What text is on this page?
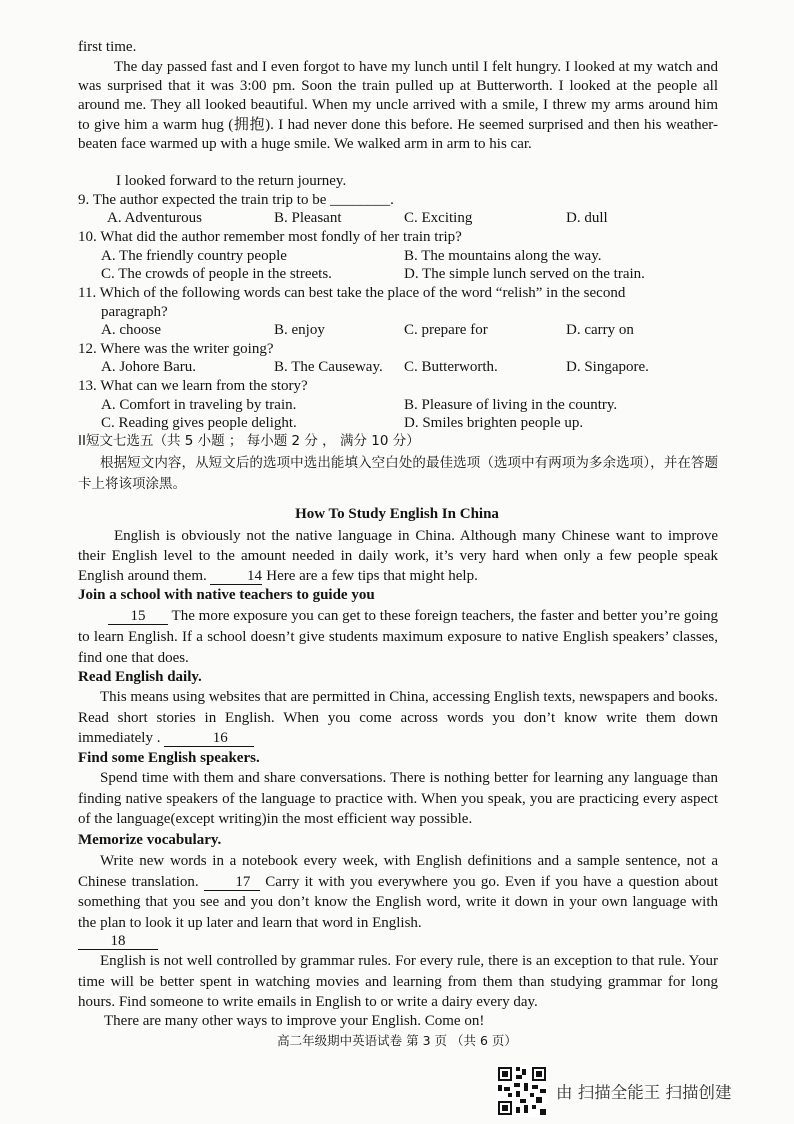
first time.

The day passed fast and I even forgot to have my lunch until I felt hungry. I looked at my watch and was surprised that it was 3:00 pm. Soon the train pulled up at Butterworth. I looked at the people all around me. They all looked beautiful. When my uncle arrived with a smile, I threw my arms around him to give him a warm hug (拥抱). I had never done this before. He seemed surprised and then his weather-beaten face warmed up with a huge smile. We walked arm in arm to his car.

I looked forward to the return journey.
9. The author expected the train trip to be ________.
A. Adventurous	B. Pleasant	C. Exciting	D. dull
10. What did the author remember most fondly of her train trip?
A. The friendly country people	B. The mountains along the way.
C. The crowds of people in the streets.	D. The simple lunch served on the train.
11. Which of the following words can best take the place of the word “relish” in the second
paragraph?
A. choose	B. enjoy	C. prepare for	D. carry on
12. Where was the writer going?
A. Johore Baru.	B. The Causeway. C. Butterworth.	D. Singapore.
13. What can we learn from the story?
A. Comfort in traveling by train.	B. Pleasure of living in the country.
C. Reading gives people delight.	D. Smiles brighten people up.
II短文七选五（共 5 小题 ； 每小题 2 分 ， 满分 10 分）

根据短文内容，从短文后的选项中选出能填入空白处的最佳选项（选项中有两项为多余选项），并在答题卡上将该项涂黑。

How To Study English In China

English is obviously not the native language in China. Although many Chinese want to improve their English level to the amount needed in daily work, it’s very hard when only a few people speak English around them.	14 Here are a few tips that might help.

Join a school with native teachers to guide you

15 The more exposure you can get to these foreign teachers, the faster and better you’re going to learn English. If a school doesn’t give students maximum exposure to native English speakers’ classes, find one that does.

Read English daily.

This means using websites that are permitted in China, accessing English texts, newspapers and books. Read short stories in English. When you come across words you don’t know write them down immediately .	16

Find some English speakers.

Spend time with them and share conversations. There is nothing better for learning any language than finding native speakers of the language to practice with. When you speak, you are practicing every aspect of the language(except writing)in the most efficient way possible.

Memorize vocabulary.

Write new words in a notebook every week, with English definitions and a sample sentence, not a Chinese translation. 17 Carry it with you everywhere you go. Even if you have a question about something that you see and you don’t know the English word, write it down in your own language with the plan to look it up later and learn that word in English.

18

English is not well controlled by grammar rules. For every rule, there is an exception to that rule. Your time will be better spent in watching movies and learning from them than studying grammar for long hours. Find someone to write emails in English to or write a dairy every day.

There are many other ways to improve your English. Come on!
高二年级期中英语试卷 第 3 页 （共 6 页）
由 扫描全能王 扫描创建
